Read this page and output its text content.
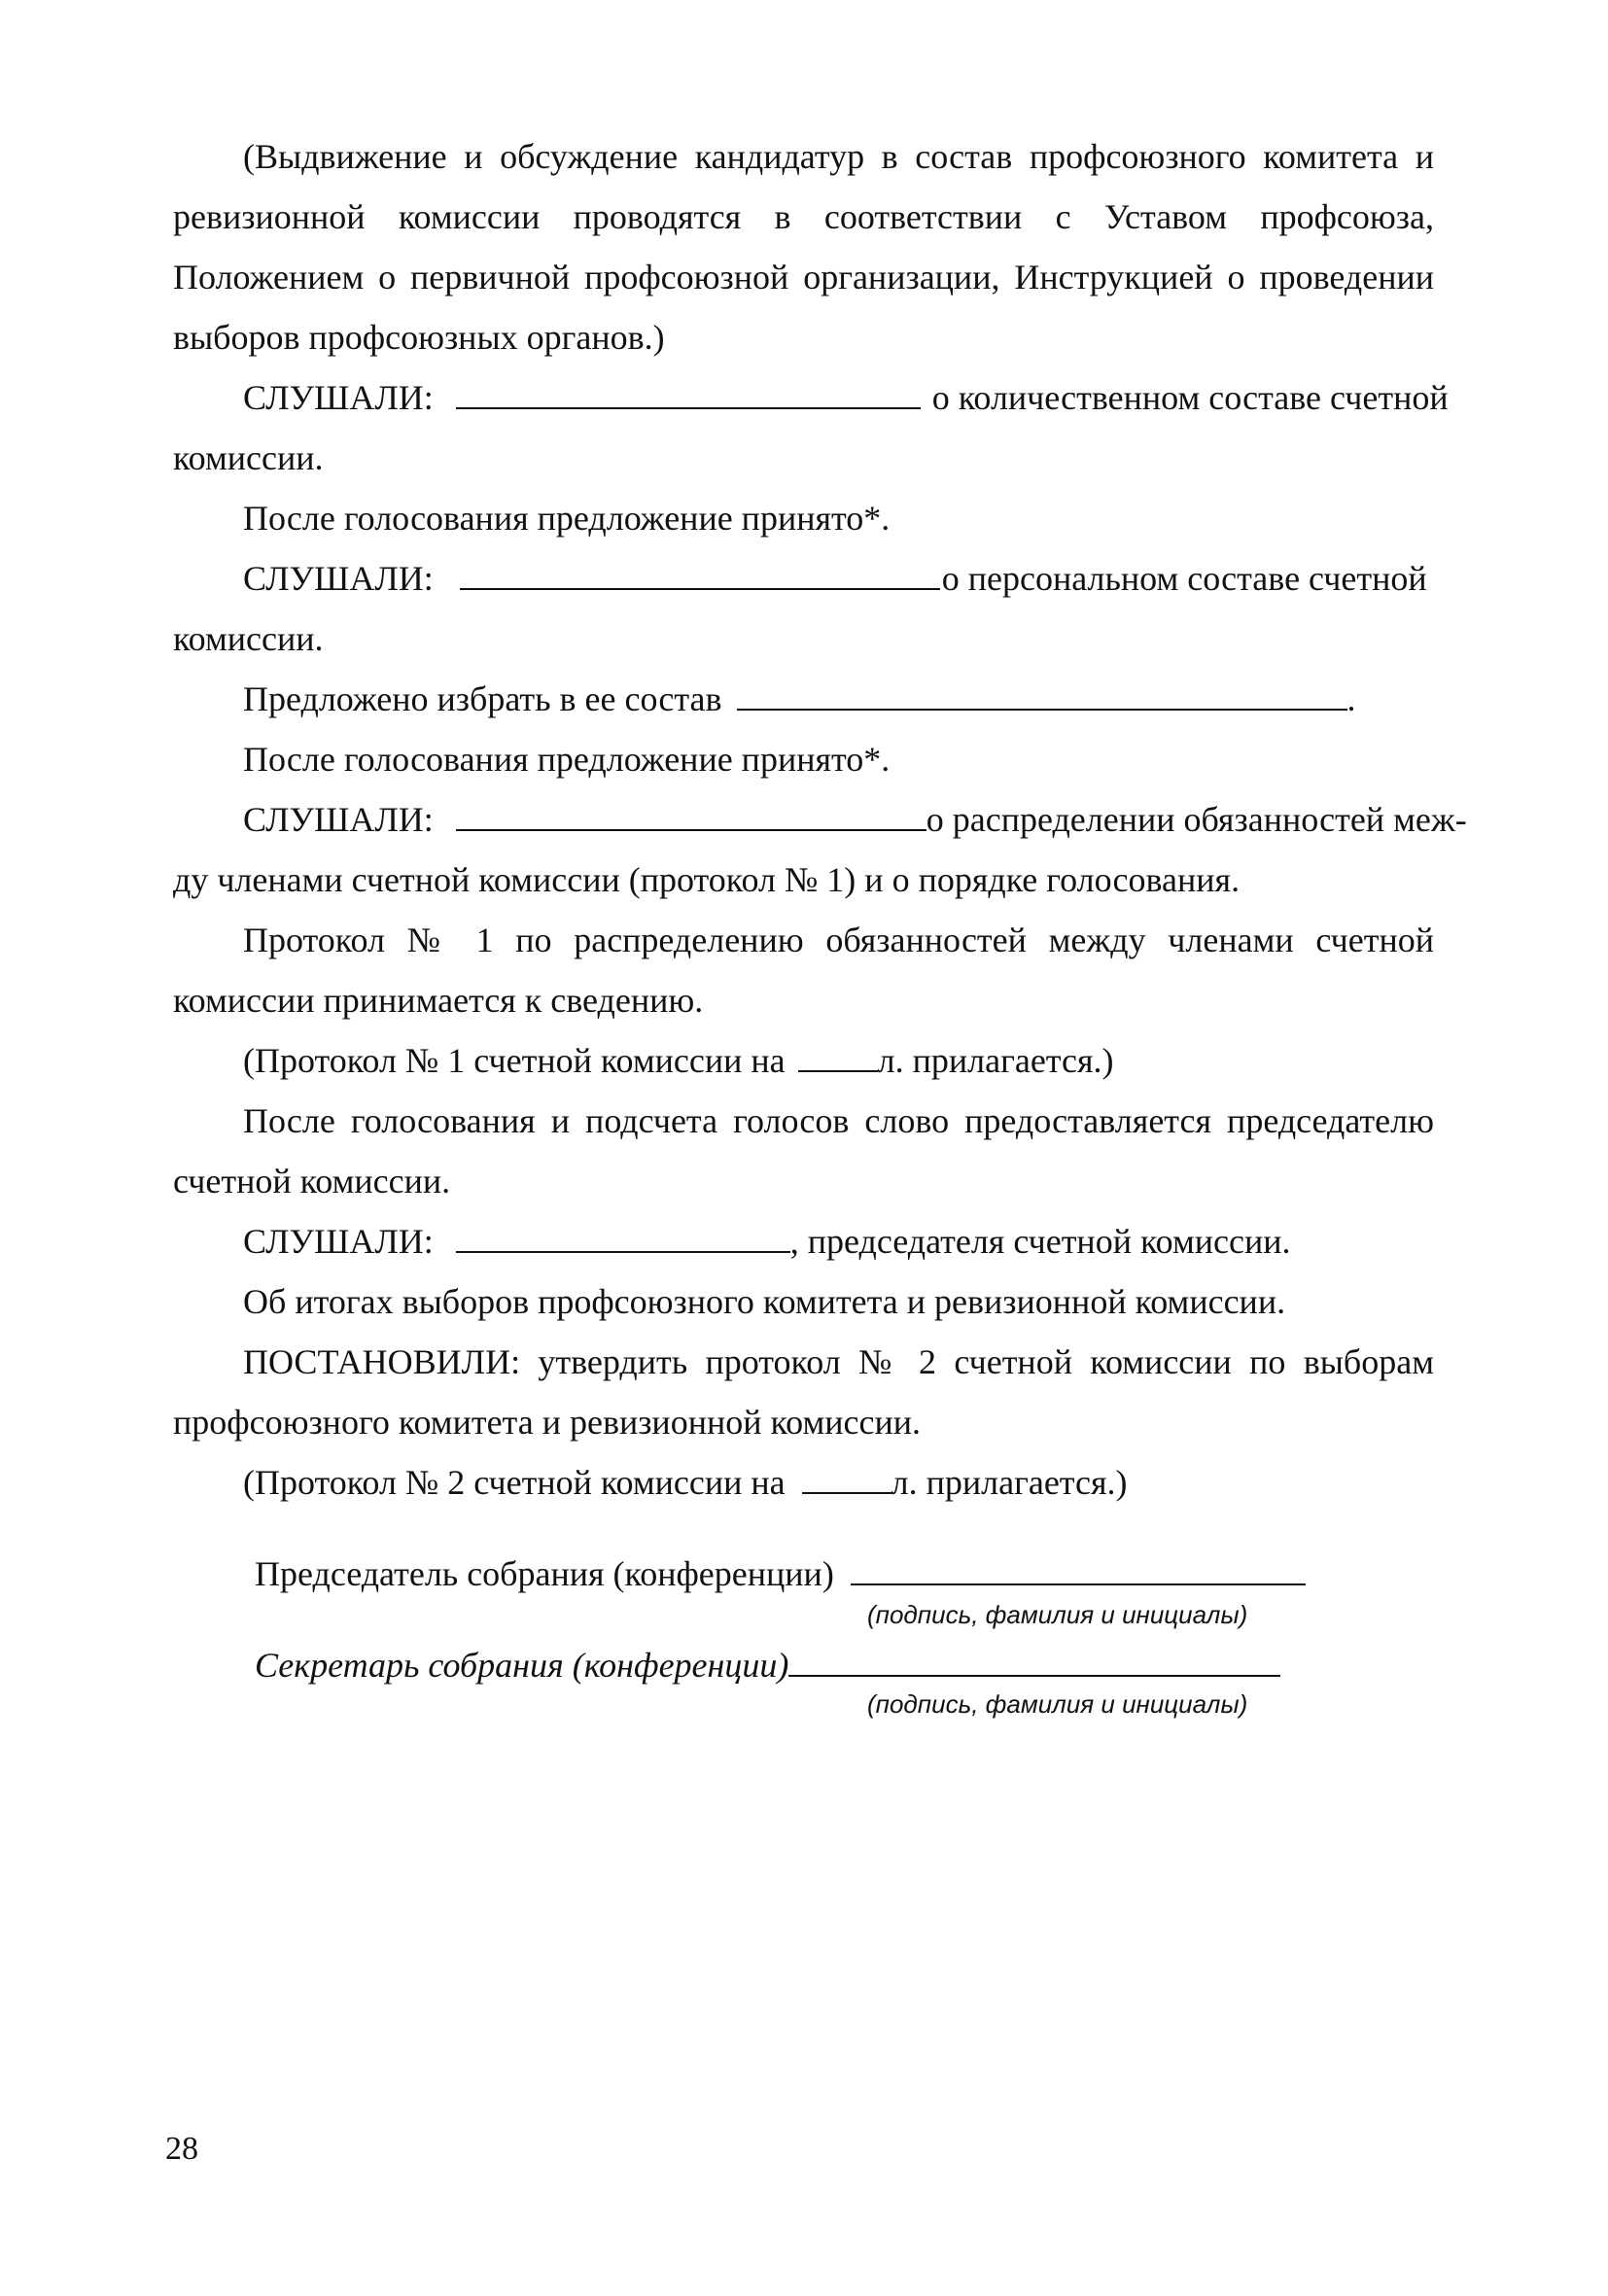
(Выдвижение и обсуждение кандидатур в состав профсоюзного комитета и ревизионной комиссии проводятся в соответствии с Уставом профсоюза, Положением о первичной профсоюзной организации, Инструкцией о проведении выборов профсоюзных органов.)

СЛУШАЛИ:	о количественном составе счетной

комиссии.

После голосования предложение принято*.

СЛУШАЛИ:	о персональном составе счетной

комиссии.

Предложено избрать в ее состав	.

После голосования предложение принято*.

СЛУШАЛИ:	о распределении обязанностей меж-

ду членами счетной комиссии (протокол № 1) и о порядке голосования.

Протокол № 1 по распределению обязанностей между членами счетной комиссии принимается к сведению.

(Протокол № 1 счетной комиссии на	л. прилагается.)

После голосования и подсчета голосов слово предоставляется председателю счетной комиссии.

СЛУШАЛИ:	, председателя счетной комиссии.

Об итогах выборов профсоюзного комитета и ревизионной комиссии.

ПОСТАНОВИЛИ: утвердить протокол № 2 счетной комиссии по выборам профсоюзного комитета и ревизионной комиссии.

(Протокол № 2 счетной комиссии на	л. прилагается.)

Председатель собрания (конференции)
(подпись, фамилия и инициалы)
Секретарь собрания (конференции)
(подпись, фамилия и инициалы)
28
